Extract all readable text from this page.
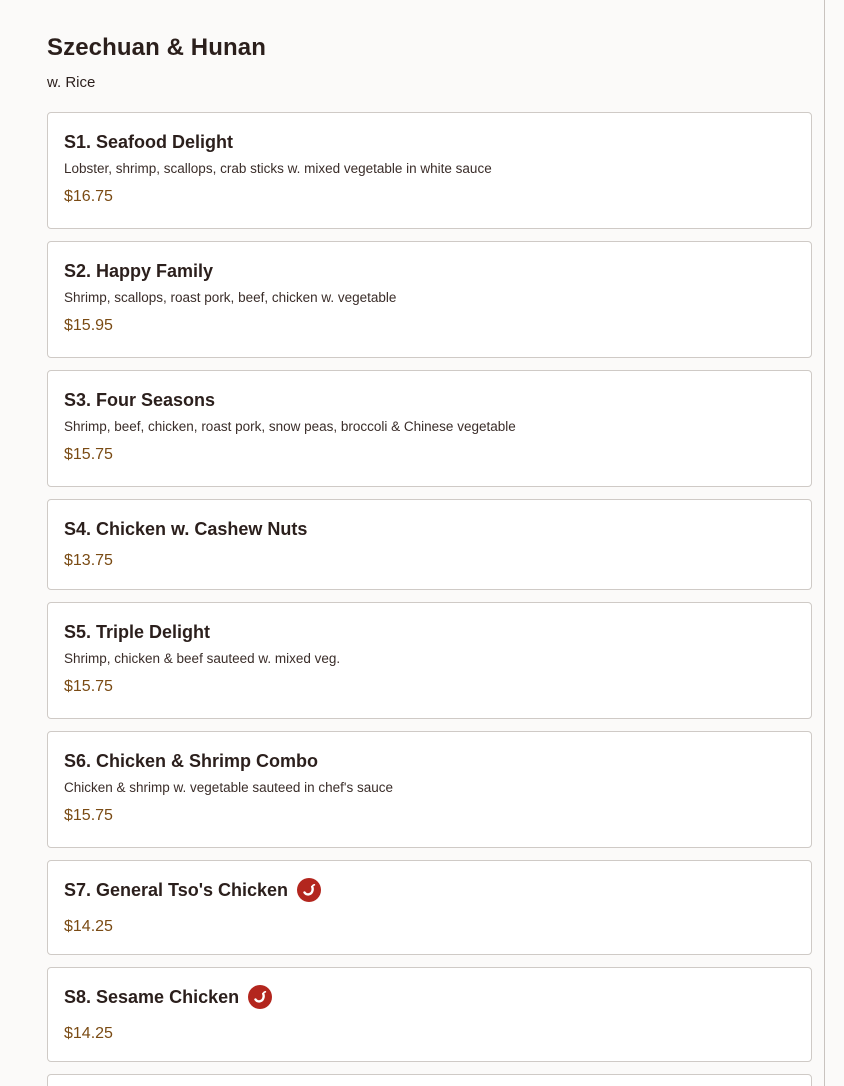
Szechuan & Hunan

w. Rice

S1. Seafood Delight
Lobster, shrimp, scallops, crab sticks w. mixed vegetable in white sauce
$16.75
S2. Happy Family
Shrimp, scallops, roast pork, beef, chicken w. vegetable
$15.95
S3. Four Seasons
Shrimp, beef, chicken, roast pork, snow peas, broccoli & Chinese vegetable
$15.75
S4. Chicken w. Cashew Nuts
$13.75
S5. Triple Delight
Shrimp, chicken & beef sauteed w. mixed veg.
$15.75
S6. Chicken & Shrimp Combo
Chicken & shrimp w. vegetable sauteed in chef's sauce
$15.75
S7. General Tso's Chicken
$14.25
S8. Sesame Chicken
$14.25
